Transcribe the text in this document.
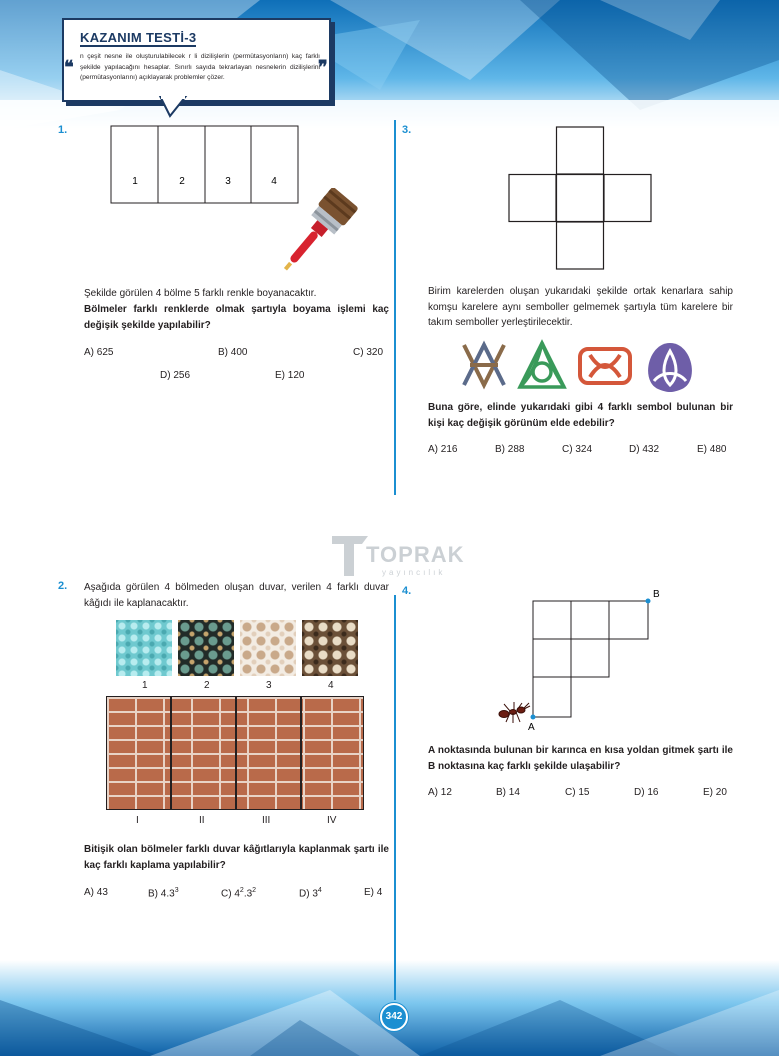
KAZANIM TESTİ-3
n çeşit nesne ile oluşturulabilecek r li dizilişlerin (permütasyonların) kaç farklı şekilde yapılacağını hesaplar. Sınırlı sayıda tekrarlayan nesnelerin dizilişlerini (permütasyonlarını) açıklayarak problemler çözer.
❝	❞
1.
1	2	3	4
Şekilde görülen 4 bölme 5 farklı renkle boyanacaktır.
Bölmeler farklı renklerde olmak şartıyla boyama işlemi kaç değişik şekilde yapılabilir?
A) 625	B) 400	C) 320
D) 256	E) 120
3.
Birim karelerden oluşan yukarıdaki şekilde ortak kenarlara sahip komşu karelere aynı semboller gelmemek şartıyla tüm karelere bir takım semboller yerleştirilecektir.
Buna göre, elinde yukarıdaki gibi 4 farklı sembol bulunan bir kişi kaç değişik görünüm elde edebilir?
A) 216	B) 288	C) 324	D) 432	E) 480
TOPRAK
yayıncılık
2. Aşağıda görülen 4 bölmeden oluşan duvar, verilen 4 farklı duvar kâğıdı ile kaplanacaktır.
1	2	3	4
I	II	III	IV
Bitişik olan bölmeler farklı duvar kâğıtlarıyla kaplanmak şartı ile kaç farklı kaplama yapılabilir?
A) 43	B) $4.3^3$	C) $4^2.3^2$	D) $3^4$	E) 4
4.	B
A
A noktasında bulunan bir karınca en kısa yoldan gitmek şartı ile B noktasına kaç farklı şekilde ulaşabilir?
A) 12	B) 14	C) 15	D) 16	E) 20
342
